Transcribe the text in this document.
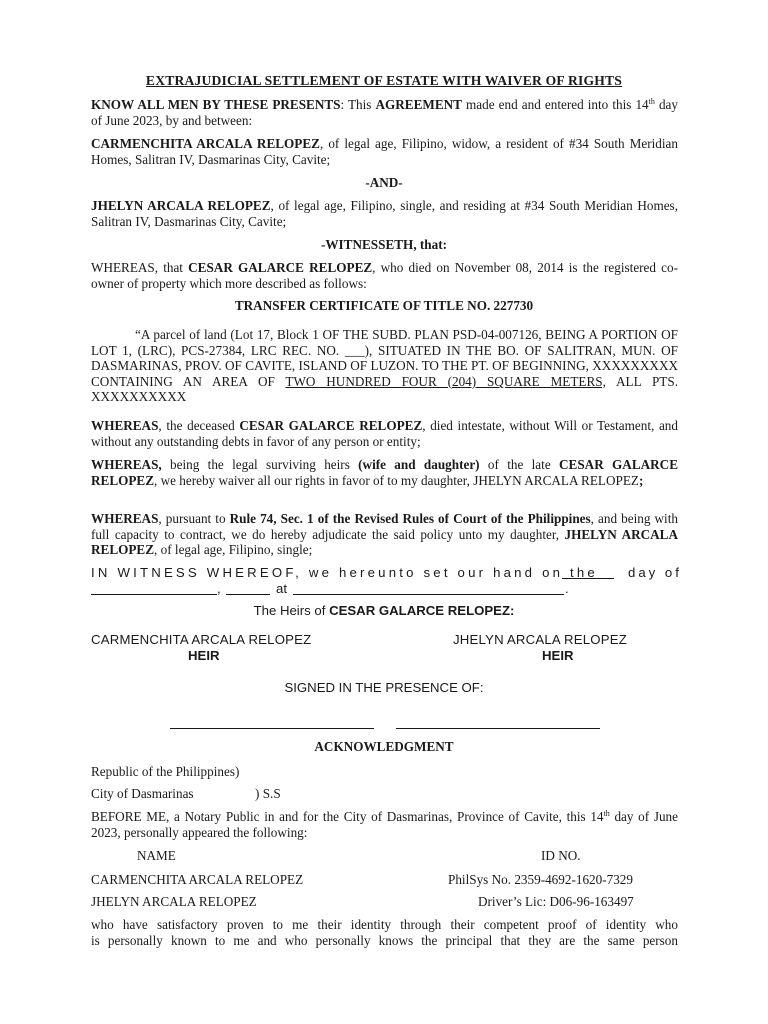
EXTRAJUDICIAL SETTLEMENT OF ESTATE WITH WAIVER OF RIGHTS

KNOW ALL MEN BY THESE PRESENTS: This AGREEMENT made end and entered into this 14th day of June 2023, by and between:

CARMENCHITA ARCALA RELOPEZ, of legal age, Filipino, widow, a resident of #34 South Meridian Homes, Salitran IV, Dasmarinas City, Cavite;

-AND-

JHELYN ARCALA RELOPEZ, of legal age, Filipino, single, and residing at #34 South Meridian Homes, Salitran IV, Dasmarinas City, Cavite;

-WITNESSETH, that:

WHEREAS, that CESAR GALARCE RELOPEZ, who died on November 08, 2014 is the registered co-owner of property which more described as follows:

TRANSFER CERTIFICATE OF TITLE NO. 227730

“A parcel of land (Lot 17, Block 1 OF THE SUBD. PLAN PSD-04-007126, BEING A PORTION OF LOT 1, (LRC), PCS-27384, LRC REC. NO. ___), SITUATED IN THE BO. OF SALITRAN, MUN. OF DASMARINAS, PROV. OF CAVITE, ISLAND OF LUZON. TO THE PT. OF BEGINNING, XXXXXXXXX CONTAINING AN AREA OF TWO HUNDRED FOUR (204) SQUARE METERS, ALL PTS. XXXXXXXXXX

WHEREAS, the deceased CESAR GALARCE RELOPEZ, died intestate, without Will or Testament, and without any outstanding debts in favor of any person or entity;

WHEREAS, being the legal surviving heirs (wife and daughter) of the late CESAR GALARCE RELOPEZ, we hereby waiver all our rights in favor of to my daughter, JHELYN ARCALA RELOPEZ;

WHEREAS, pursuant to Rule 74, Sec. 1 of the Revised Rules of Court of the Philippines, and being with full capacity to contract, we do hereby adjudicate the said policy unto my daughter, JHELYN ARCALA RELOPEZ, of legal age, Filipino, single;

IN WITNESS WHEREOF, we hereunto set our hand on the day of
,	at	.

The Heirs of CESAR GALARCE RELOPEZ:

CARMENCHITA ARCALA RELOPEZ
HEIR
JHELYN ARCALA RELOPEZ
HEIR

SIGNED IN THE PRESENCE OF:

ACKNOWLEDGMENT

Republic of the Philippines)
City of Dasmarinas	) S.S

BEFORE ME, a Notary Public in and for the City of Dasmarinas, Province of Cavite, this 14th day of June 2023, personally appeared the following:

NAME	ID NO.
CARMENCHITA ARCALA RELOPEZ	PhilSys No. 2359-4692-1620-7329
JHELYN ARCALA RELOPEZ	Driver’s Lic: D06-96-163497
who have satisfactory proven to me their identity through their competent proof of identity who
is personally known to me and who personally knows the principal that they are the same person
